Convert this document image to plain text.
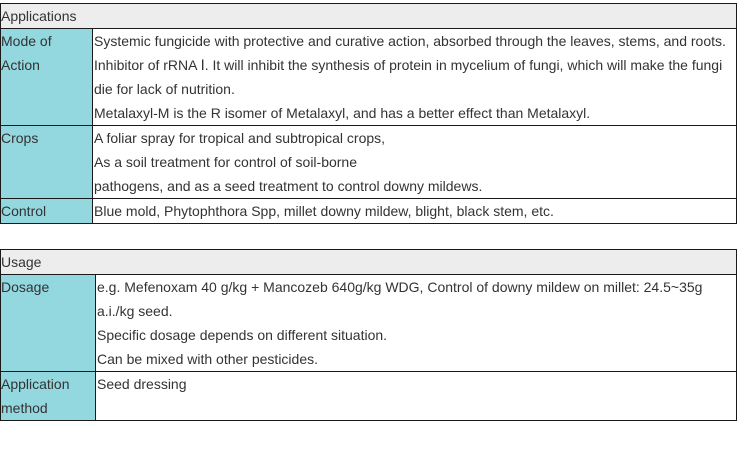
Applications	
Mode of Action	Systemic fungicide with protective and curative action, absorbed through the leaves, stems, and roots.
Inhibitor of rRNA Ⅰ. It will inhibit the synthesis of protein in mycelium of fungi, which will make the fungi die for lack of nutrition.
Metalaxyl-M is the R isomer of Metalaxyl, and has a better effect than Metalaxyl.

Crops	A foliar spray for tropical and subtropical crops,
As a soil treatment for control of soil-borne
pathogens, and as a seed treatment to control downy mildews.

Control	Blue mold, Phytophthora Spp, millet downy mildew, blight, black stem, etc.
Usage	
Dosage	e.g. Mefenoxam 40 g/kg + Mancozeb 640g/kg WDG, Control of downy mildew on millet: 24.5~35g a.i./kg seed.
Specific dosage depends on different situation.
Can be mixed with other pesticides.

Application method	Seed dressing
